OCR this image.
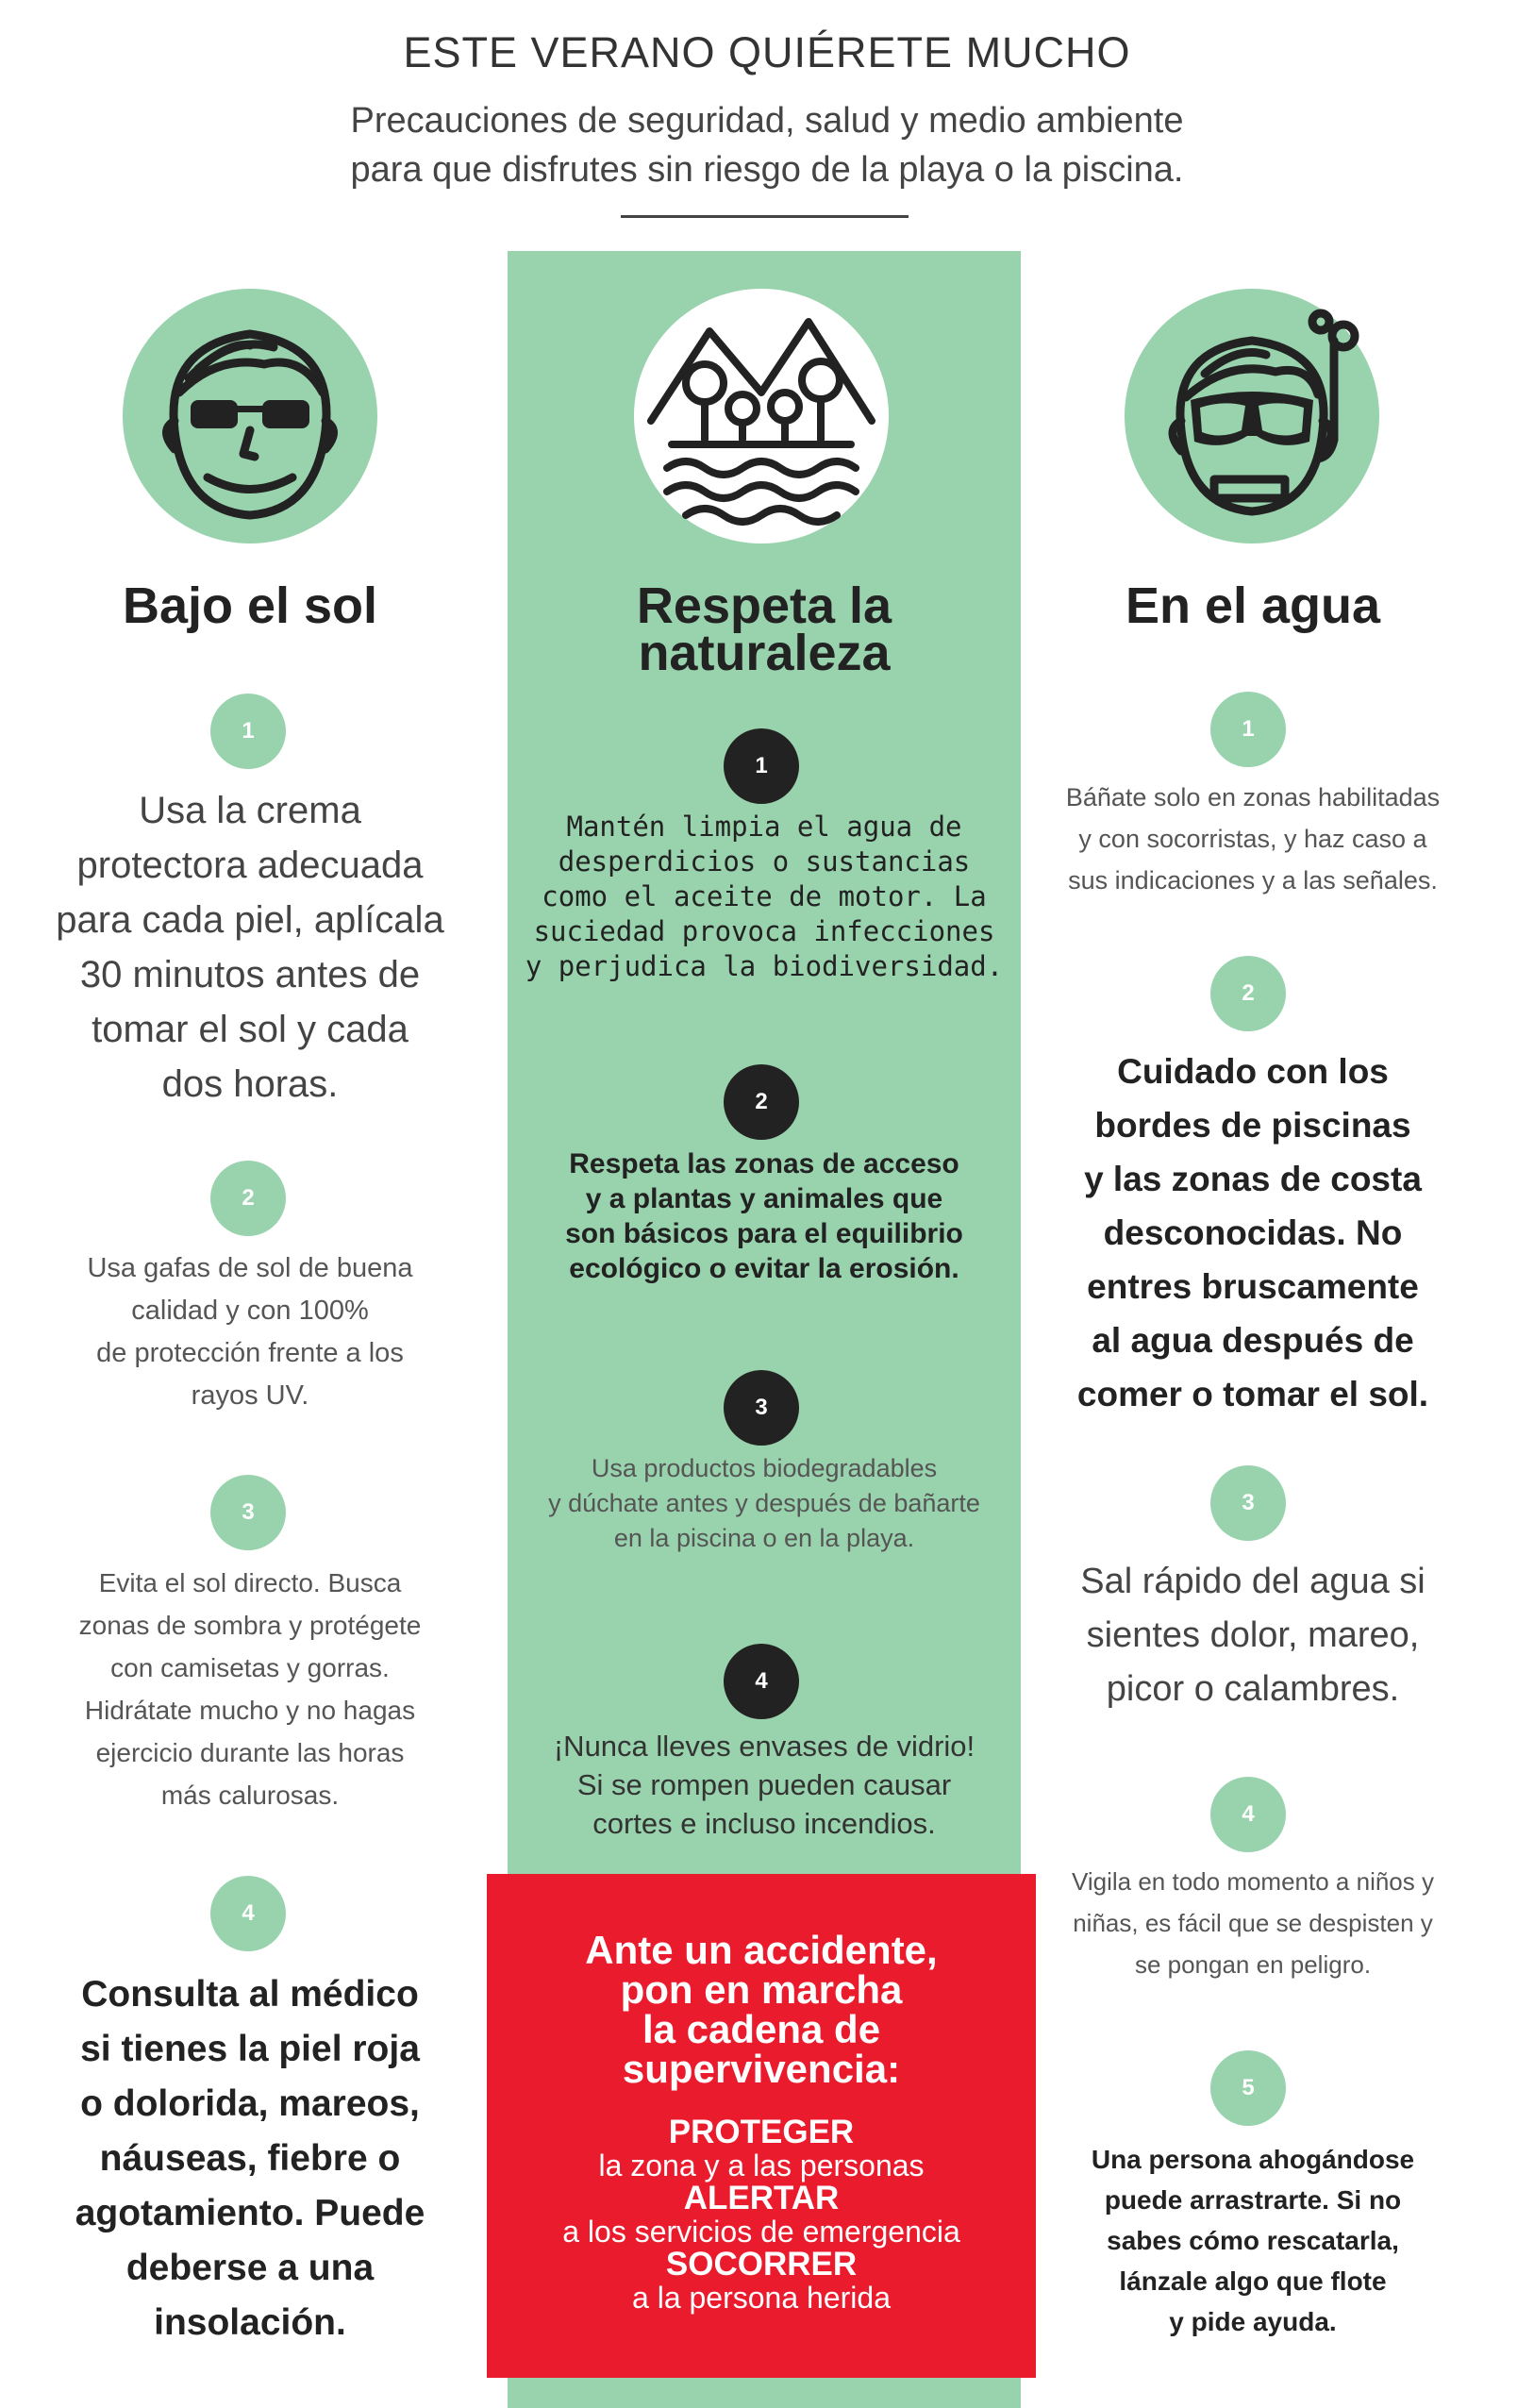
ESTE VERANO QUIÉRETE MUCHO
Precauciones de seguridad, salud y medio ambiente
para que disfrutes sin riesgo de la playa o la piscina.
Bajo el sol
1
Usa la crema
protectora adecuada
para cada piel, aplícala
30 minutos antes de
tomar el sol y cada
dos horas.
2
Usa gafas de sol de buena
calidad y con 100%
de protección frente a los
rayos UV.
3
Evita el sol directo. Busca
zonas de sombra y protégete
con camisetas y gorras.
Hidrátate mucho y no hagas
ejercicio durante las horas
más calurosas.
4
Consulta al médico
si tienes la piel roja
o dolorida, mareos,
náuseas, fiebre o
agotamiento. Puede
deberse a una
insolación.
Respeta la
naturaleza
1
Mantén limpia el agua de
desperdicios o sustancias
como el aceite de motor. La
suciedad provoca infecciones
y perjudica la biodiversidad.
2
Respeta las zonas de acceso
y a plantas y animales que
son básicos para el equilibrio
ecológico o evitar la erosión.
3
Usa productos biodegradables
y dúchate antes y después de bañarte
en la piscina o en la playa.
4
¡Nunca lleves envases de vidrio!
Si se rompen pueden causar
cortes e incluso incendios.
Ante un accidente,
pon en marcha
la cadena de
supervivencia:
PROTEGER
la zona y a las personas
ALERTAR
a los servicios de emergencia
SOCORRER
a la persona herida
En el agua
1
Báñate solo en zonas habilitadas
y con socorristas, y haz caso a
sus indicaciones y a las señales.
2
Cuidado con los
bordes de piscinas
y las zonas de costa
desconocidas. No
entres bruscamente
al agua después de
comer o tomar el sol.
3
Sal rápido del agua si
sientes dolor, mareo,
picor o calambres.
4
Vigila en todo momento a niños y
niñas, es fácil que se despisten y
se pongan en peligro.
5
Una persona ahogándose
puede arrastrarte. Si no
sabes cómo rescatarla,
lánzale algo que flote
y pide ayuda.
